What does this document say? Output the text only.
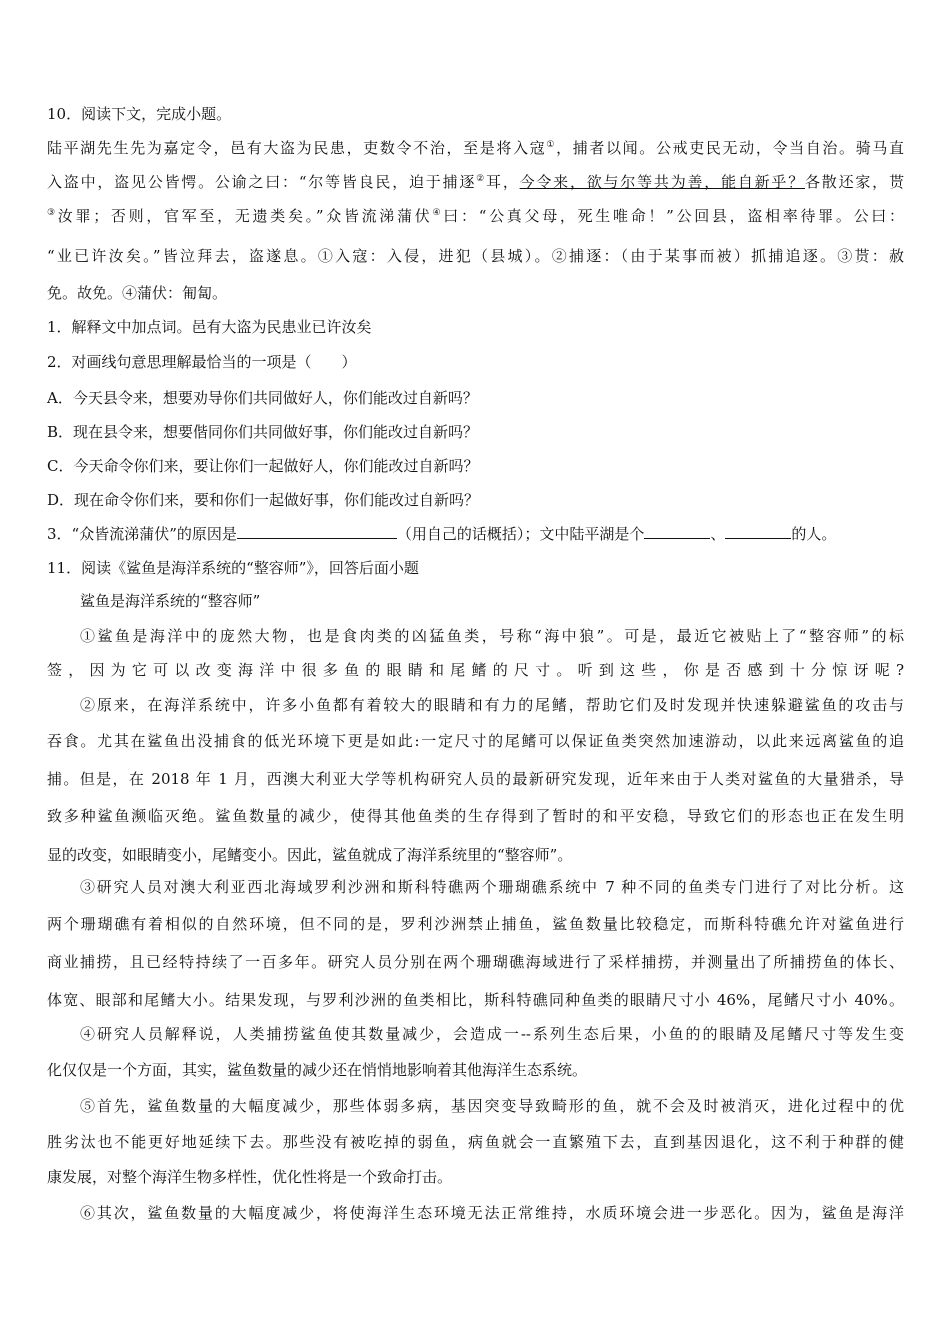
10．阅读下文，完成小题。
陆平湖先生先为嘉定令，邑有大盗为民患，吏数令不治，至是将入寇①，捕者以闻。公戒吏民无动，令当自治。骑马直
入盗中，盗见公皆愕。公谕之曰：“尔等皆良民，迫于捕逐②耳，今令来，欲与尔等共为善，能自新乎？各散还家，贳
③汝罪；否则，官军至，无遗类矣。”众皆流涕蒲伏④曰：“公真父母，死生唯命！”公回县，盗相率待罪。公曰：
“业已许汝矣。”皆泣拜去，盗遂息。①入寇：入侵，进犯（县城）。②捕逐：（由于某事而被）抓捕追逐。③贳：赦
免。故免。④蒲伏：匍匐。
1．解释文中加点词。邑有大盗为民患业已许汝矣
2．对画线句意思理解最恰当的一项是（　　）
A．今天县令来，想要劝导你们共同做好人，你们能改过自新吗？
B．现在县令来，想要偕同你们共同做好事，你们能改过自新吗？
C．今天命令你们来，要让你们一起做好人，你们能改过自新吗？
D．现在命令你们来，要和你们一起做好事，你们能改过自新吗？
3．“众皆流涕蒲伏”的原因是	（用自己的话概括）；文中陆平湖是个	、	的人。
11．阅读《鲨鱼是海洋系统的“整容师”》，回答后面小题
鲨鱼是海洋系统的“整容师”
①鲨鱼是海洋中的庞然大物，也是食肉类的凶猛鱼类，号称“海中狼”。可是，最近它被贴上了“整容师”的标
签，因为它可以改变海洋中很多鱼的眼睛和尾鳍的尺寸。听到这些，你是否感到十分惊讶呢?
②原来，在海洋系统中，许多小鱼都有着较大的眼睛和有力的尾鳍，帮助它们及时发现并快速躲避鲨鱼的攻击与
吞食。尤其在鲨鱼出没捕食的低光环境下更是如此:一定尺寸的尾鳍可以保证鱼类突然加速游动，以此来远离鲨鱼的追
捕。但是，在 2018 年 1 月，西澳大利亚大学等机构研究人员的最新研究发现，近年来由于人类对鲨鱼的大量猎杀，导
致多种鲨鱼濒临灭绝。鲨鱼数量的减少，使得其他鱼类的生存得到了暂时的和平安稳，导致它们的形态也正在发生明
显的改变，如眼睛变小，尾鳍变小。因此，鲨鱼就成了海洋系统里的“整容师”。
③研究人员对澳大利亚西北海域罗利沙洲和斯科特礁两个珊瑚礁系统中 7 种不同的鱼类专门进行了对比分析。这
两个珊瑚礁有着相似的自然环境，但不同的是，罗利沙洲禁止捕鱼，鲨鱼数量比较稳定，而斯科特礁允许对鲨鱼进行
商业捕捞，且已经特持续了一百多年。研究人员分别在两个珊瑚礁海域进行了采样捕捞，并测量出了所捕捞鱼的体长、
体宽、眼部和尾鳍大小。结果发现，与罗利沙洲的鱼类相比，斯科特礁同种鱼类的眼睛尺寸小 46%，尾鳍尺寸小 40%。
④研究人员解释说，人类捕捞鲨鱼使其数量减少，会造成一--系列生态后果，小鱼的的眼睛及尾鳍尺寸等发生变
化仅仅是一个方面，其实，鲨鱼数量的减少还在悄悄地影响着其他海洋生态系统。
⑤首先，鲨鱼数量的大幅度减少，那些体弱多病，基因突变导致畸形的鱼，就不会及时被消灭，进化过程中的优
胜劣汰也不能更好地延续下去。那些没有被吃掉的弱鱼，病鱼就会一直繁殖下去，直到基因退化，这不利于种群的健
康发展，对整个海洋生物多样性，优化性将是一个致命打击。
⑥其次，鲨鱼数量的大幅度减少，将使海洋生态环境无法正常维持，水质环境会进一步恶化。因为，鲨鱼是海洋
